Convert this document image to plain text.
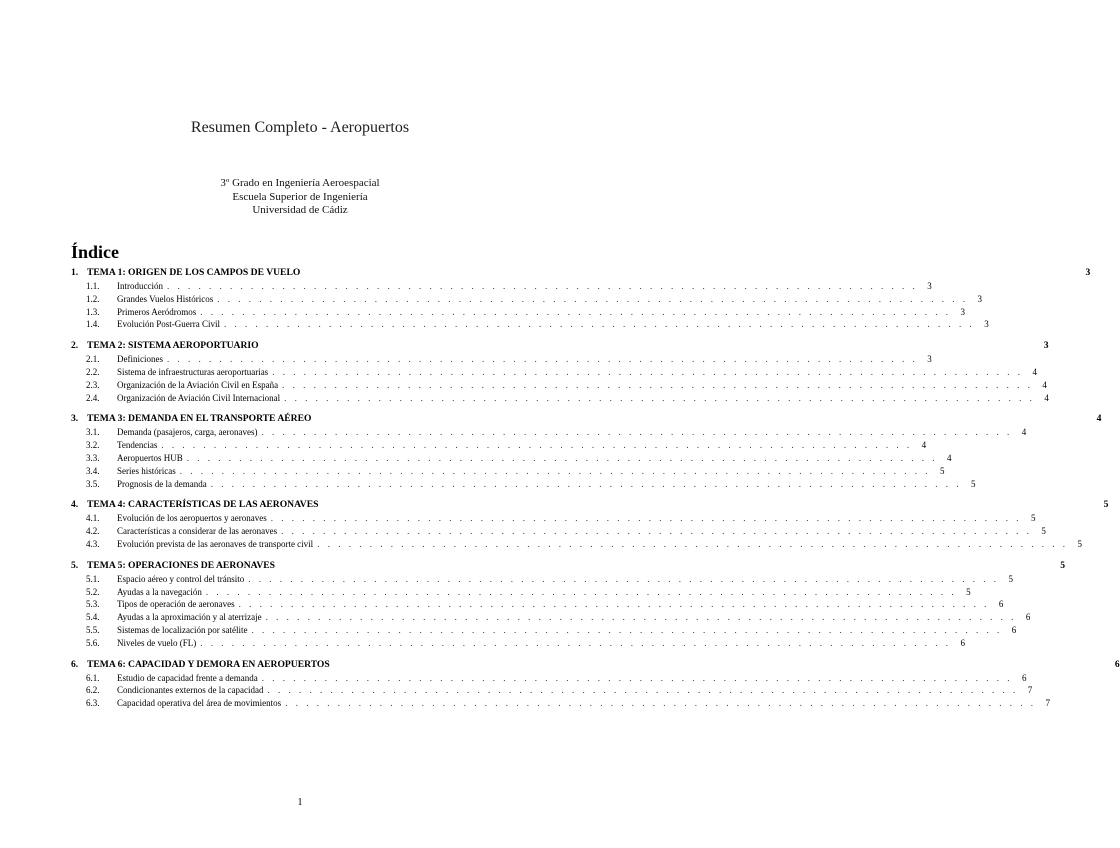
Resumen Completo - Aeropuertos
3º Grado en Ingeniería Aeroespacial
Escuela Superior de Ingeniería
Universidad de Cádiz
Índice
1. TEMA 1: ORIGEN DE LOS CAMPOS DE VUELO	3
1.1.	Introducción . . . . . . . . . . . . . . . . . . . . . . . . . . . . . . . . . . . . . . . . . . . . . . . . . . . . . . . . . . . . . . . . . . . . . . . .	3
1.2.	Grandes Vuelos Históricos . . . . . . . . . . . . . . . . . . . . . . . . . . . . . . . . . . . . . . . . . . . . . . . . . . . . . . . . . . . . . . . . . . . . . . . .	3
1.3.	Primeros Aeródromos . . . . . . . . . . . . . . . . . . . . . . . . . . . . . . . . . . . . . . . . . . . . . . . . . . . . . . . . . . . . . . . . . . . . . . . .	3
1.4.	Evolución Post-Guerra Civil . . . . . . . . . . . . . . . . . . . . . . . . . . . . . . . . . . . . . . . . . . . . . . . . . . . . . . . . . . . . . . . . . . . . . . . .	3
2. TEMA 2: SISTEMA AEROPORTUARIO	3
2.1.	Definiciones . . . . . . . . . . . . . . . . . . . . . . . . . . . . . . . . . . . . . . . . . . . . . . . . . . . . . . . . . . . . . . . . . . . . . . . .	3
2.2.	Sistema de infraestructuras aeroportuarias . . . . . . . . . . . . . . . . . . . . . . . . . . . . . . . . . . . . . . . . . . . . . . . . . . . . . . . . . . . . . . . . . . . . . . . .	4
2.3.	Organización de la Aviación Civil en España . . . . . . . . . . . . . . . . . . . . . . . . . . . . . . . . . . . . . . . . . . . . . . . . . . . . . . . . . . . . . . . . . . . . . . . .	4
2.4.	Organización de Aviación Civil Internacional . . . . . . . . . . . . . . . . . . . . . . . . . . . . . . . . . . . . . . . . . . . . . . . . . . . . . . . . . . . . . . . . . . . . . . . .	4
3. TEMA 3: DEMANDA EN EL TRANSPORTE AÉREO	4
3.1.	Demanda (pasajeros, carga, aeronaves) . . . . . . . . . . . . . . . . . . . . . . . . . . . . . . . . . . . . . . . . . . . . . . . . . . . . . . . . . . . . . . . . . . . . . . . .	4
3.2.	Tendencias . . . . . . . . . . . . . . . . . . . . . . . . . . . . . . . . . . . . . . . . . . . . . . . . . . . . . . . . . . . . . . . . . . . . . . . .	4
3.3.	Aeropuertos HUB . . . . . . . . . . . . . . . . . . . . . . . . . . . . . . . . . . . . . . . . . . . . . . . . . . . . . . . . . . . . . . . . . . . . . . . .	4
3.4.	Series históricas . . . . . . . . . . . . . . . . . . . . . . . . . . . . . . . . . . . . . . . . . . . . . . . . . . . . . . . . . . . . . . . . . . . . . . . .	5
3.5.	Prognosis de la demanda . . . . . . . . . . . . . . . . . . . . . . . . . . . . . . . . . . . . . . . . . . . . . . . . . . . . . . . . . . . . . . . . . . . . . . . .	5
4. TEMA 4: CARACTERÍSTICAS DE LAS AERONAVES	5
4.1.	Evolución de los aeropuertos y aeronaves . . . . . . . . . . . . . . . . . . . . . . . . . . . . . . . . . . . . . . . . . . . . . . . . . . . . . . . . . . . . . . . . . . . . . . . .	5
4.2.	Características a considerar de las aeronaves . . . . . . . . . . . . . . . . . . . . . . . . . . . . . . . . . . . . . . . . . . . . . . . . . . . . . . . . . . . . . . . . . . . . . . . .	5
4.3.	Evolución prevista de las aeronaves de transporte civil . . . . . . . . . . . . . . . . . . . . . . . . . . . . . . . . . . . . . . . . . . . . . . . . . . . . . . . . . . . . . . . . . . . . . . . .	5
5. TEMA 5: OPERACIONES DE AERONAVES	5
5.1.	Espacio aéreo y control del tránsito . . . . . . . . . . . . . . . . . . . . . . . . . . . . . . . . . . . . . . . . . . . . . . . . . . . . . . . . . . . . . . . . . . . . . . . .	5
5.2.	Ayudas a la navegación . . . . . . . . . . . . . . . . . . . . . . . . . . . . . . . . . . . . . . . . . . . . . . . . . . . . . . . . . . . . . . . . . . . . . . . .	5
5.3.	Tipos de operación de aeronaves . . . . . . . . . . . . . . . . . . . . . . . . . . . . . . . . . . . . . . . . . . . . . . . . . . . . . . . . . . . . . . . . . . . . . . . .	6
5.4.	Ayudas a la aproximación y al aterrizaje . . . . . . . . . . . . . . . . . . . . . . . . . . . . . . . . . . . . . . . . . . . . . . . . . . . . . . . . . . . . . . . . . . . . . . . .	6
5.5.	Sistemas de localización por satélite . . . . . . . . . . . . . . . . . . . . . . . . . . . . . . . . . . . . . . . . . . . . . . . . . . . . . . . . . . . . . . . . . . . . . . . .	6
5.6.	Niveles de vuelo (FL) . . . . . . . . . . . . . . . . . . . . . . . . . . . . . . . . . . . . . . . . . . . . . . . . . . . . . . . . . . . . . . . . . . . . . . . .	6
6. TEMA 6: CAPACIDAD Y DEMORA EN AEROPUERTOS	6
6.1.	Estudio de capacidad frente a demanda . . . . . . . . . . . . . . . . . . . . . . . . . . . . . . . . . . . . . . . . . . . . . . . . . . . . . . . . . . . . . . . . . . . . . . . .	6
6.2.	Condicionantes externos de la capacidad . . . . . . . . . . . . . . . . . . . . . . . . . . . . . . . . . . . . . . . . . . . . . . . . . . . . . . . . . . . . . . . . . . . . . . . .	7
6.3.	Capacidad operativa del área de movimientos . . . . . . . . . . . . . . . . . . . . . . . . . . . . . . . . . . . . . . . . . . . . . . . . . . . . . . . . . . . . . . . . . . . . . . . .	7
1
